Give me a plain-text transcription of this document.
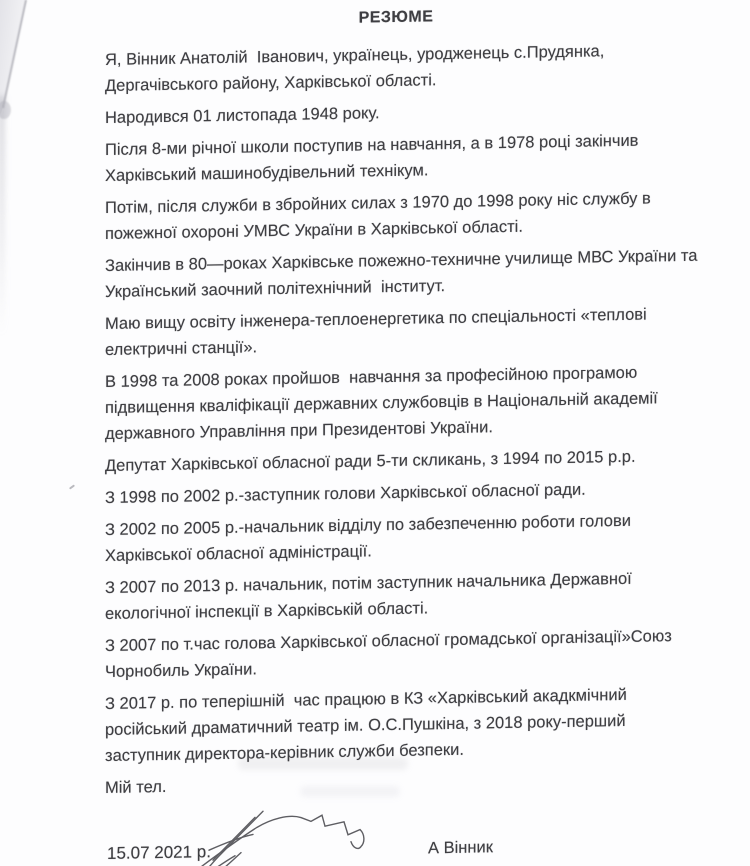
РЕЗЮМЕ
Я, Вінник Анатолій  Іванович, українець, уродженець с.Прудянка,
Дергачівського району, Харківської області.
Народився 01 листопада 1948 року.
Після 8-ми річної школи поступив на навчання, а в 1978 році закінчив
Харківський машинобудівельний технікум.
Потім, після служби в збройних силах з 1970 до 1998 року ніс службу в
пожежної охороні УМВС України в Харківської області.
Закінчив в 80—роках Харківське пожежно-техничне училище МВС України та
Український заочний політехнічний  інститут.
Маю вищу освіту інженера-теплоенергетика по спеціальності «теплові
електричні станції».
В 1998 та 2008 роках пройшов  навчання за професійною програмою
підвищення кваліфікації державних службовців в Національній академії
державного Управління при Президентові України.
Депутат Харківської обласної ради 5-ти скликань, з 1994 по 2015 р.р.
З 1998 по 2002 р.-заступник голови Харківської обласної ради.
З 2002 по 2005 р.-начальник відділу по забезпеченню роботи голови
Харківської обласної адміністрації.
З 2007 по 2013 р. начальник, потім заступник начальника Державної
екологічної інспекції в Харківській області.
З 2007 по т.час голова Харківської обласної громадської організації»Союз
Чорнобиль України.
З 2017 р. по теперішній  час працюю в КЗ «Харківський акадкмічний
російський драматичний театр ім. О.С.Пушкіна, з 2018 року-перший
заступник директора-керівник служби безпеки.
Мій тел.
15.07 2021 р.	А Вінник
